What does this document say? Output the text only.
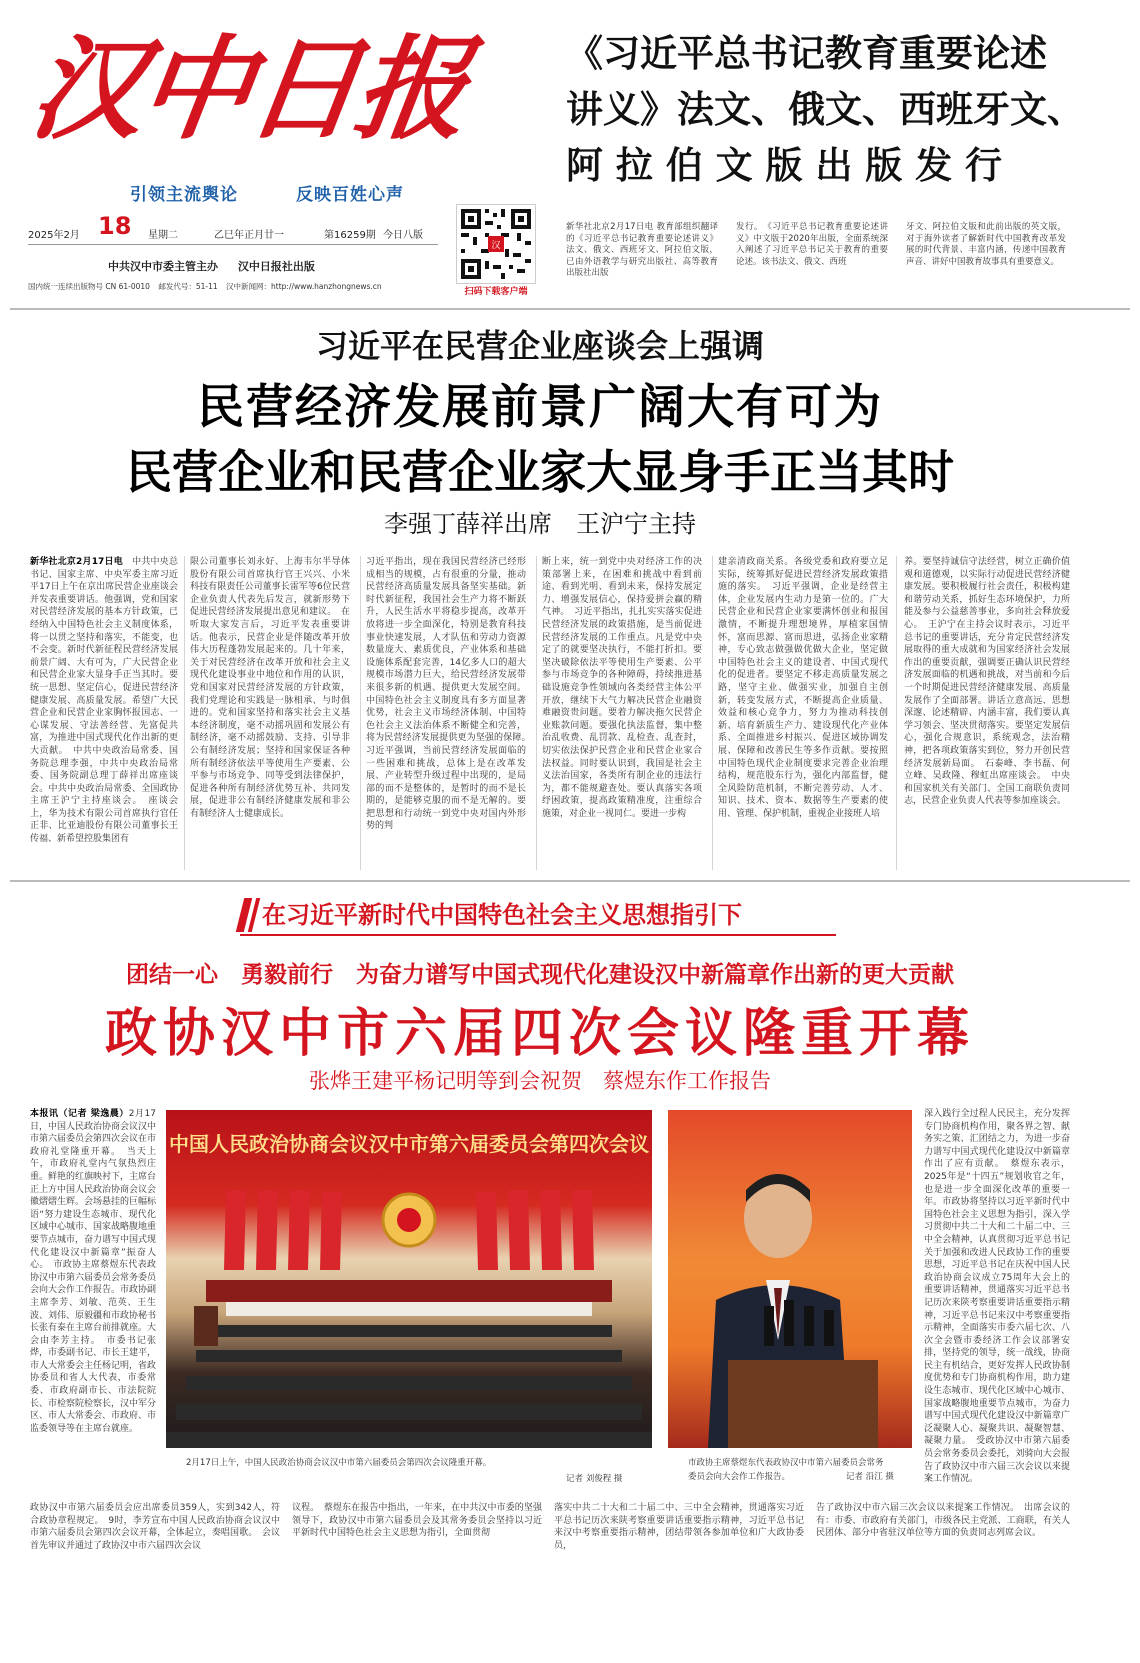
汉中日报
引领主流舆论	反映百姓心声
2025年2月 18 星期二	乙巳年正月廿一	第16259期 今日八版
中共汉中市委主管主办 汉中日报社出版
国内统一连续出版物号 CN 61-0010 邮发代号：51-11 汉中新闻网：http://www.hanzhongnews.cn
汉
扫码下载客户端
《习近平总书记教育重要论述
讲义》法文、俄文、西班牙文、
阿 拉 伯 文 版 出 版 发 行
新华社北京2月17日电 教育部组织翻译的《习近平总书记教育重要论述讲义》法文、俄文、西班牙文、阿拉伯文版，已由外语教学与研究出版社、高等教育出版社出版
发行。　《习近平总书记教育重要论述讲义》中文版于2020年出版，全面系统深入阐述了习近平总书记关于教育的重要论述。该书法文、俄文、西班
牙文、阿拉伯文版和此前出版的英文版，对于海外读者了解新时代中国教育改革发展的时代背景、丰富内涵，传递中国教育声音、讲好中国教育故事具有重要意义。
习近平在民营企业座谈会上强调
民营经济发展前景广阔大有可为
民营企业和民营企业家大显身手正当其时
李强丁薛祥出席　王沪宁主持
新华社北京2月17日电　 中共中央总书记、国家主席、中央军委主席习近平17日上午在京出席民营企业座谈会并发表重要讲话。他强调，党和国家对民营经济发展的基本方针政策，已经纳入中国特色社会主义制度体系，将一以贯之坚持和落实，不能变，也不会变。新时代新征程民营经济发展前景广阔、大有可为，广大民营企业和民营企业家大显身手正当其时。要统一思想、坚定信心，促进民营经济健康发展、高质量发展。希望广大民营企业和民营企业家胸怀报国志、一心谋发展、守法善经营、先富促共富，为推进中国式现代化作出新的更大贡献。　中共中央政治局常委、国务院总理李强，中共中央政治局常委、国务院副总理丁薛祥出席座谈会。中共中央政治局常委、全国政协主席王沪宁主持座谈会。　座谈会上，华为技术有限公司首席执行官任正非、比亚迪股份有限公司董事长王传福、新希望控股集团有
限公司董事长刘永好、上海韦尔半导体股份有限公司首席执行官王兴兴、小米科技有限责任公司董事长雷军等6位民营企业负责人代表先后发言，就新形势下促进民营经济发展提出意见和建议。　在听取大家发言后，习近平发表重要讲话。他表示，民营企业是伴随改革开放伟大历程蓬勃发展起来的。几十年来，关于对民营经济在改革开放和社会主义现代化建设事业中地位和作用的认识，党和国家对民营经济发展的方针政策，我们党理论和实践是一脉相承、与时俱进的。党和国家坚持和落实社会主义基本经济制度，毫不动摇巩固和发展公有制经济，毫不动摇鼓励、支持、引导非公有制经济发展；坚持和国家保证各种所有制经济依法平等使用生产要素、公平参与市场竞争、同等受到法律保护，促进各种所有制经济优势互补、共同发展，促进非公有制经济健康发展和非公有制经济人士健康成长。
习近平指出，现在我国民营经济已经形成相当的规模，占有很重的分量，推动民营经济高质量发展具备坚实基础。新时代新征程，我国社会生产力将不断跃升，人民生活水平将稳步提高，改革开放将进一步全面深化，特别是教育科技事业快速发展，人才队伍和劳动力资源数量庞大、素质优良，产业体系和基础设施体系配套完善，14亿多人口的超大规模市场潜力巨大，给民营经济发展带来很多新的机遇、提供更大发展空间。中国特色社会主义制度具有多方面显著优势，社会主义市场经济体制、中国特色社会主义法治体系不断健全和完善，将为民营经济发展提供更为坚强的保障。　习近平强调，当前民营经济发展面临的一些困难和挑战，总体上是在改革发展、产业转型升级过程中出现的，是局部的而不是整体的，是暂时的而不是长期的，是能够克服的而不是无解的。要把思想和行动统一到党中央对国内外形势的判
断上来，统一到党中央对经济工作的决策部署上来，在困难和挑战中看到前途、看到光明、看到未来，保持发展定力、增强发展信心，保持爱拼会赢的精气神。　习近平指出，扎扎实实落实促进民营经济发展的政策措施，是当前促进民营经济发展的工作重点。凡是党中央定了的就要坚决执行，不能打折扣。要坚决破除依法平等使用生产要素、公平参与市场竞争的各种障碍，持续推进基础设施竞争性领域向各类经营主体公平开放，继续下大气力解决民营企业融资难融资贵问题。要着力解决拖欠民营企业账款问题。要强化执法监督，集中整治乱收费、乱罚款、乱检查、乱查封，切实依法保护民营企业和民营企业家合法权益。同时要认识到，我国是社会主义法治国家，各类所有制企业的违法行为，都不能规避查处。要认真落实各项纾困政策，提高政策精准度，注重综合施策，对企业一视同仁。要进一步构
建亲清政商关系。各级党委和政府要立足实际，统筹抓好促进民营经济发展政策措施的落实。　习近平强调，企业是经营主体，企业发展内生动力是第一位的。广大民营企业和民营企业家要满怀创业和报国激情，不断提升理想境界，厚植家国情怀，富而思源、富而思进，弘扬企业家精神，专心致志做强做优做大企业，坚定做中国特色社会主义的建设者、中国式现代化的促进者。要坚定不移走高质量发展之路，坚守主业、做强实业，加强自主创新，转变发展方式，不断提高企业质量、效益和核心竞争力，努力为推动科技创新、培育新质生产力、建设现代化产业体系、全面推进乡村振兴、促进区域协调发展、保障和改善民生等多作贡献。要按照中国特色现代企业制度要求完善企业治理结构，规范股东行为，强化内部监督，健全风险防范机制，不断完善劳动、人才、知识、技术、资本、数据等生产要素的使用、管理、保护机制，重视企业接班人培
养。要坚持诚信守法经营，树立正确价值观和道德观，以实际行动促进民营经济健康发展。要积极履行社会责任，积极构建和谐劳动关系，抓好生态环境保护，力所能及参与公益慈善事业，多向社会释放爱心。　王沪宁在主持会议时表示，习近平总书记的重要讲话，充分肯定民营经济发展取得的重大成就和为国家经济社会发展作出的重要贡献，强调要正确认识民营经济发展面临的机遇和挑战，对当前和今后一个时期促进民营经济健康发展、高质量发展作了全面部署。讲话立意高远、思想深邃、论述精辟、内涵丰富，我们要认真学习领会、坚决贯彻落实。要坚定发展信心，强化合规意识，系统观念，法治精神，把各项政策落实到位，努力开创民营经济发展新局面。　石泰峰、李书磊、何立峰、吴政隆、穆虹出席座谈会。　中央和国家机关有关部门、全国工商联负责同志，民营企业负责人代表等参加座谈会。
在习近平新时代中国特色社会主义思想指引下
团结一心　勇毅前行　为奋力谱写中国式现代化建设汉中新篇章作出新的更大贡献
政协汉中市六届四次会议隆重开幕
张烨王建平杨记明等到会祝贺　蔡煜东作工作报告
本报讯（记者 梁逸晨）2月17日，中国人民政治协商会议汉中市第六届委员会第四次会议在市政府礼堂隆重开幕。　当天上午，市政府礼堂内气氛热烈庄重。鲜艳的红旗映衬下，主席台正上方中国人民政治协商会议会徽熠熠生辉。会场悬挂的巨幅标语“努力建设生态城市、现代化区域中心城市、国家战略腹地重要节点城市，奋力谱写中国式现代化建设汉中新篇章”振奋人心。　市政协主席蔡煜东代表政协汉中市第六届委员会常务委员会向大会作工作报告。市政协副主席李芳、刘敏、范英、王生波、刘伟、原毅疆和市政协秘书长张有泰在主席台前排就座。大会由李芳主持。　市委书记张烨，市委副书记、市长王建平，市人大常委会主任杨记明，省政协委员和省人大代表，市委常委、市政府副市长、市法院院长、市检察院检察长，汉中军分区、市人大常委会、市政府、市监委领导等在主席台就座。
中国人民政治协商会议汉中市第六届委员会第四次会议
2月17日上午，中国人民政治协商会议汉中市第六届委员会第四次会议隆重开幕。
记者 刘俊程 摄
市政协主席蔡煜东代表政协汉中市第六届委员会常务
委员会向大会作工作报告。	记者 沿江 摄
深入践行全过程人民民主，充分发挥专门协商机构作用，聚各界之智、献务实之策、汇团结之力，为进一步奋力谱写中国式现代化建设汉中新篇章作出了应有贡献。　蔡煜东表示，2025年是“十四五”规划收官之年，也是进一步全面深化改革的重要一年。市政协将坚持以习近平新时代中国特色社会主义思想为指引，深入学习贯彻中共二十大和二十届二中、三中全会精神，认真贯彻习近平总书记关于加强和改进人民政协工作的重要思想，习近平总书记在庆祝中国人民政治协商会议成立75周年大会上的重要讲话精神，贯通落实习近平总书记历次来陕考察重要讲话重要指示精神，习近平总书记来汉中考察重要指示精神，全面落实市委六届七次、八次全会暨市委经济工作会议部署安排，坚持党的领导，统一战线，协商民主有机结合，更好发挥人民政协制度优势和专门协商机构作用，助力建设生态城市、现代化区域中心城市、国家战略腹地重要节点城市，为奋力谱写中国式现代化建设汉中新篇章广泛凝聚人心、凝聚共识、凝聚智慧、凝聚力量。　受政协汉中市第六届委员会常务委员会委托，刘骑向大会报告了政协汉中市六届三次会议以来提案工作情况。
政协汉中市第六届委员会应出席委员359人，实到342人，符合政协章程规定。　9时，李芳宣布中国人民政治协商会议汉中市第六届委员会第四次会议开幕，全体起立，奏唱国歌。　会议首先审议并通过了政协汉中市六届四次会议
议程。　蔡煜东在报告中指出，一年来，在中共汉中市委的坚强领导下，政协汉中市第六届委员会及其常务委员会坚持以习近平新时代中国特色社会主义思想为指引，全面贯彻
落实中共二十大和二十届二中、三中全会精神，贯通落实习近平总书记历次来陕考察重要讲话重要指示精神，习近平总书记来汉中考察重要指示精神，团结带领各参加单位和广大政协委员，
告了政协汉中市六届三次会议以来提案工作情况。　出席会议的有：市委、市政府有关部门，市级各民主党派、工商联，有关人民团体、部分中省驻汉单位等方面的负责同志列席会议。
